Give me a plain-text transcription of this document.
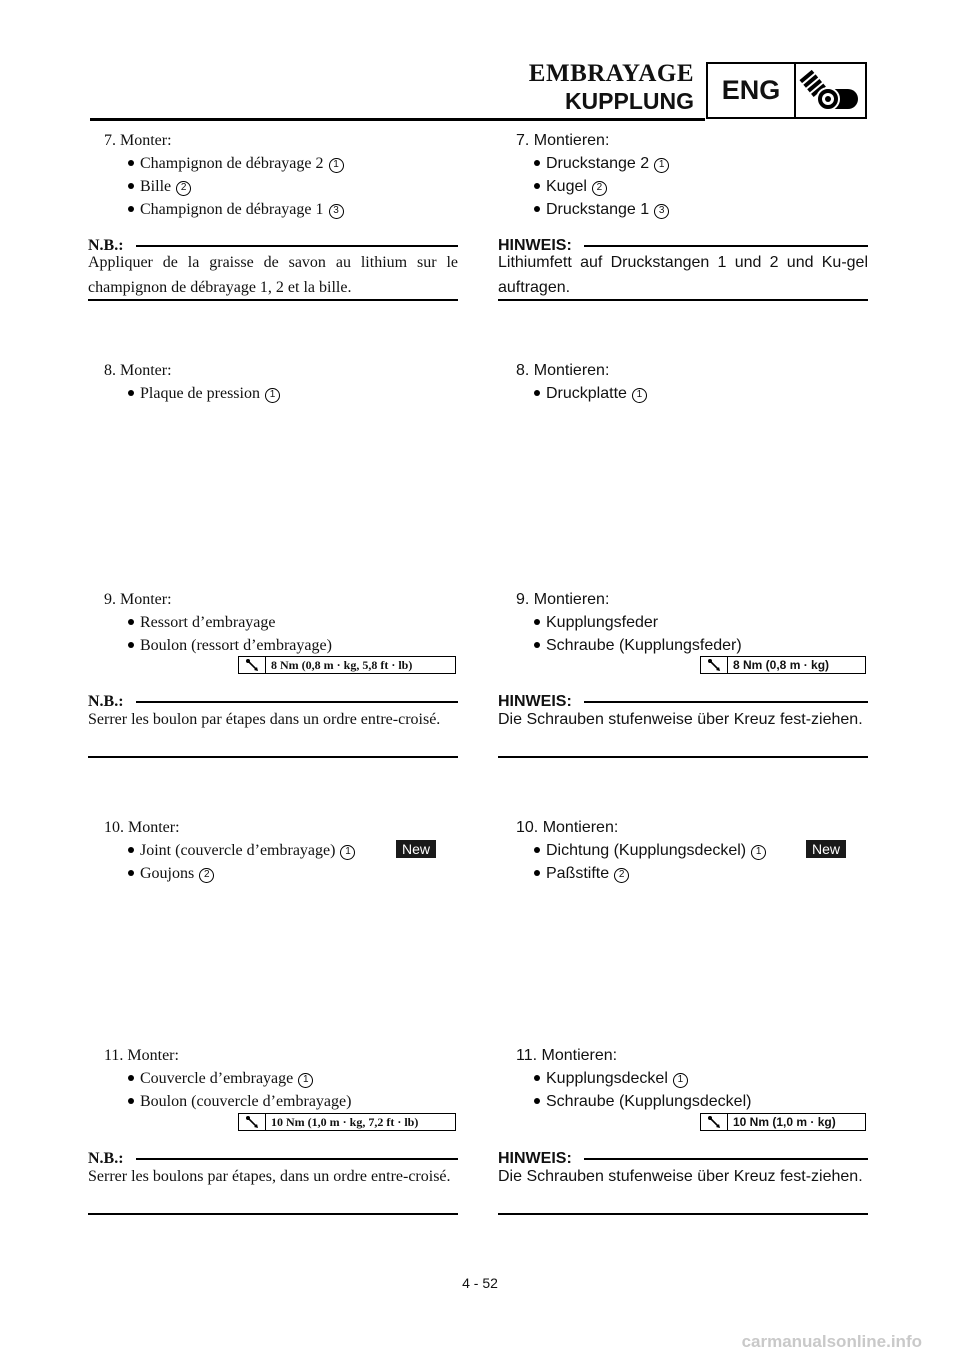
EMBRAYAGE
KUPPLUNG	ENG
7. Monter:
Champignon de débrayage 2 1
Bille 2
Champignon de débrayage 1 3
N.B.:
Appliquer de la graisse de savon au lithium sur le champignon de débrayage 1, 2 et la bille.
8. Monter:
Plaque de pression 1
9. Monter:
Ressort d’embrayage
Boulon (ressort d’embrayage)
8 Nm (0,8 m · kg, 5,8 ft · lb)
N.B.:
Serrer les boulon par étapes dans un ordre entre-croisé.
10. Monter:
Joint (couvercle d’embrayage) 1	New
Goujons 2
11. Monter:
Couvercle d’embrayage 1
Boulon (couvercle d’embrayage)
10 Nm (1,0 m · kg, 7,2 ft · lb)
N.B.:
Serrer les boulons par étapes, dans un ordre entre-croisé.
7. Montieren:
Druckstange 2 1
Kugel 2
Druckstange 1 3
HINWEIS:
Lithiumfett auf Druckstangen 1 und 2 und Ku-gel auftragen.
8. Montieren:
Druckplatte 1
9. Montieren:
Kupplungsfeder
Schraube (Kupplungsfeder)
8 Nm (0,8 m · kg)
HINWEIS:
Die Schrauben stufenweise über Kreuz fest-ziehen.
10. Montieren:
Dichtung (Kupplungsdeckel) 1	New
Paßstifte 2
11. Montieren:
Kupplungsdeckel 1
Schraube (Kupplungsdeckel)
10 Nm (1,0 m · kg)
HINWEIS:
Die Schrauben stufenweise über Kreuz fest-ziehen.
4 - 52
carmanualsonline.info
